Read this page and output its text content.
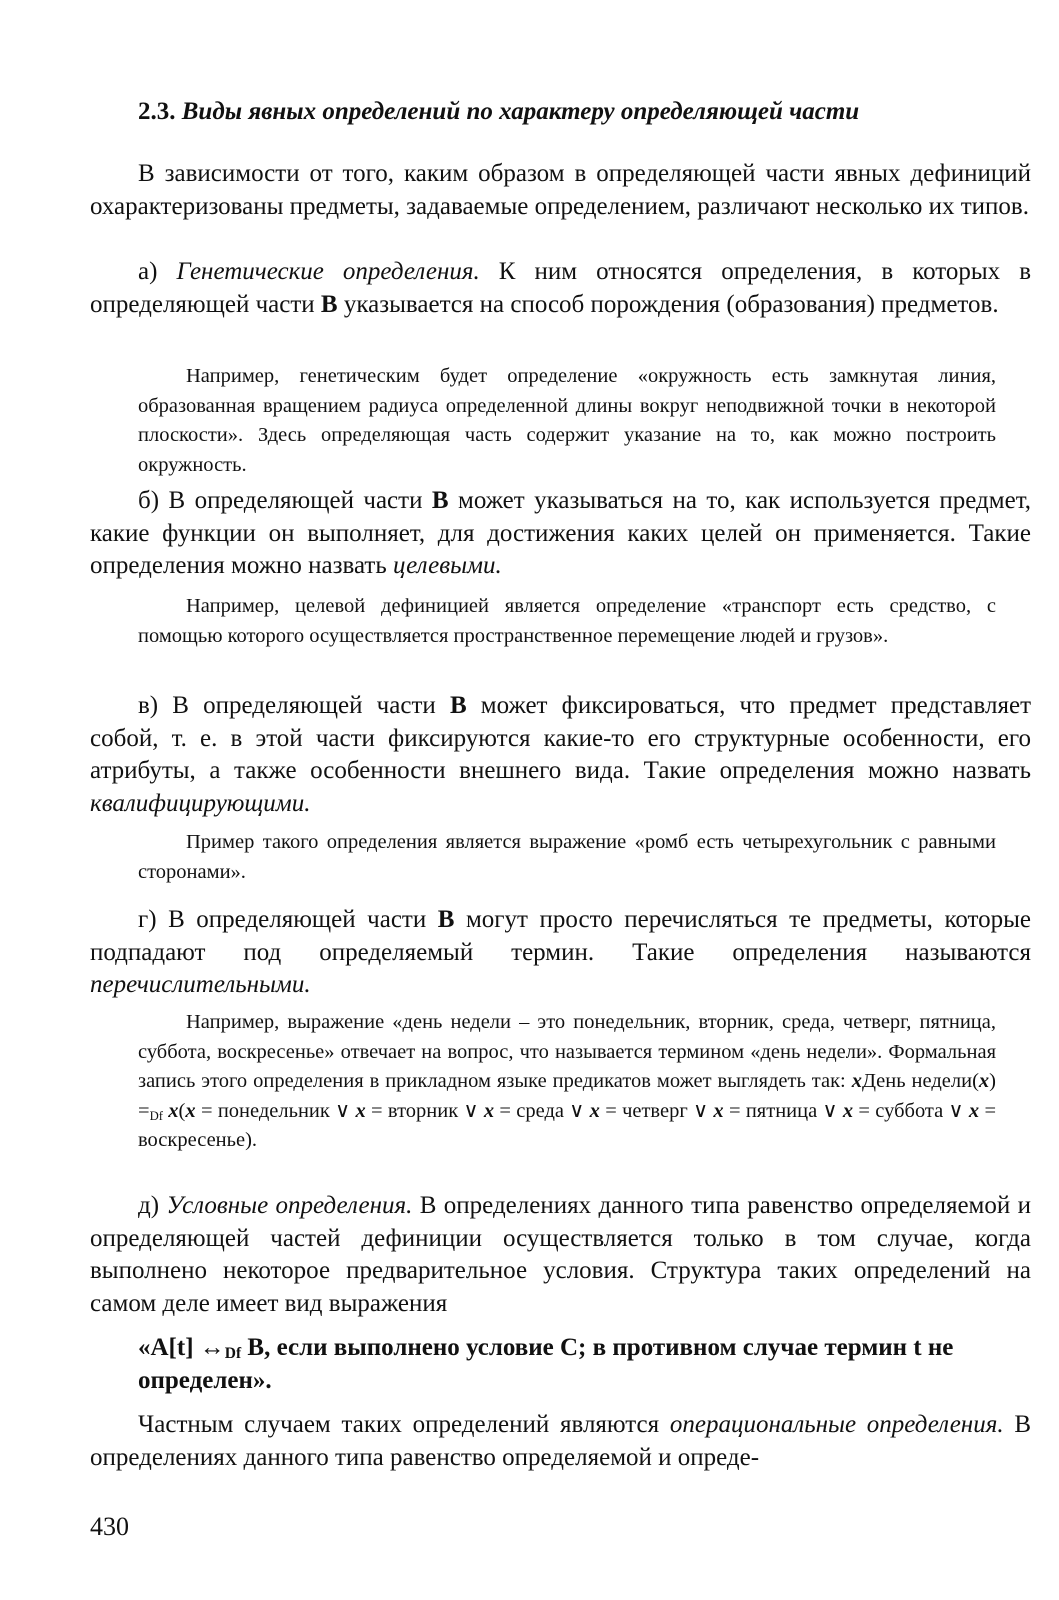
2.3. Виды явных определений по характеру определяющей части

В зависимости от того, каким образом в определяющей части явных дефиниций охарактеризованы предметы, задаваемые определением, различают несколько их типов.

а) Генетические определения. К ним относятся определения, в которых в определяющей части B указывается на способ порождения (образования) предметов.

Например, генетическим будет определение «окружность есть замкнутая линия, образованная вращением радиуса определенной длины вокруг неподвижной точки в некоторой плоскости». Здесь определяющая часть содержит указание на то, как можно построить окружность.

б) В определяющей части B может указываться на то, как используется предмет, какие функции он выполняет, для достижения каких целей он применяется. Такие определения можно назвать целевыми.

Например, целевой дефиницией является определение «транспорт есть средство, с помощью которого осуществляется пространственное перемещение людей и грузов».

в) В определяющей части B может фиксироваться, что предмет представляет собой, т. е. в этой части фиксируются какие-то его структурные особенности, его атрибуты, а также особенности внешнего вида. Такие определения можно назвать квалифицирующими.

Пример такого определения является выражение «ромб есть четырехугольник с равными сторонами».

г) В определяющей части B могут просто перечисляться те предметы, которые подпадают под определяемый термин. Такие определения называются перечислительными.

Например, выражение «день недели – это понедельник, вторник, среда, четверг, пятница, суббота, воскресенье» отвечает на вопрос, что называется термином «день недели». Формальная запись этого определения в прикладном языке предикатов может выглядеть так: xДень недели(x) $=_{Df}$ x(x = понедельник ∨ x = вторник ∨ x = среда ∨ x = четверг ∨ x = пятница ∨ x = суббота ∨ x = воскресенье).

д) Условные определения. В определениях данного типа равенство определяемой и определяющей частей дефиниции осуществляется только в том случае, когда выполнено некоторое предварительное условия. Структура таких определений на самом деле имеет вид выражения

«A[t] $\leftrightarrow_{Df}$ B, если выполнено условие C; в противном случае термин t не определен».

Частным случаем таких определений являются операциональные определения. В определениях данного типа равенство определяемой и опреде-

430
